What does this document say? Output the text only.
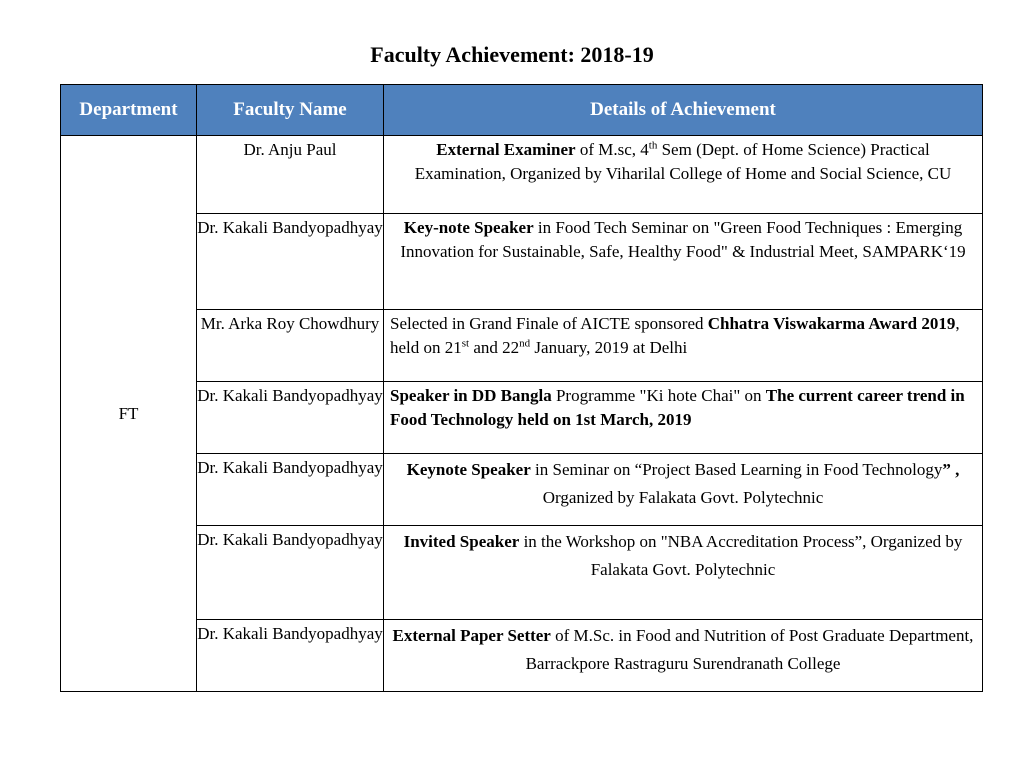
Faculty Achievement: 2018-19
Department	Faculty Name	Details of Achievement
FT	Dr. Anju Paul	External Examiner of M.sc, 4th Sem (Dept. of Home Science) Practical Examination, Organized by Viharilal College of Home and Social Science, CU
	Dr. Kakali Bandyopadhyay	Key-note Speaker in Food Tech Seminar on "Green Food Techniques : Emerging Innovation for Sustainable, Safe, Healthy Food" & Industrial Meet, SAMPARK‘19
	Mr. Arka Roy Chowdhury	Selected in Grand Finale of AICTE sponsored Chhatra Viswakarma Award 2019, held on 21st and 22nd January, 2019 at Delhi
	Dr. Kakali Bandyopadhyay	Speaker in DD Bangla Programme "Ki hote Chai" on The current career trend in Food Technology held on 1st March, 2019
	Dr. Kakali Bandyopadhyay	Keynote Speaker in Seminar on “Project Based Learning in Food Technology” , Organized by Falakata Govt. Polytechnic
	Dr. Kakali Bandyopadhyay	Invited Speaker in the Workshop on "NBA Accreditation Process”, Organized by Falakata Govt. Polytechnic
	Dr. Kakali Bandyopadhyay	External Paper Setter of M.Sc. in Food and Nutrition of Post Graduate Department, Barrackpore Rastraguru Surendranath College
